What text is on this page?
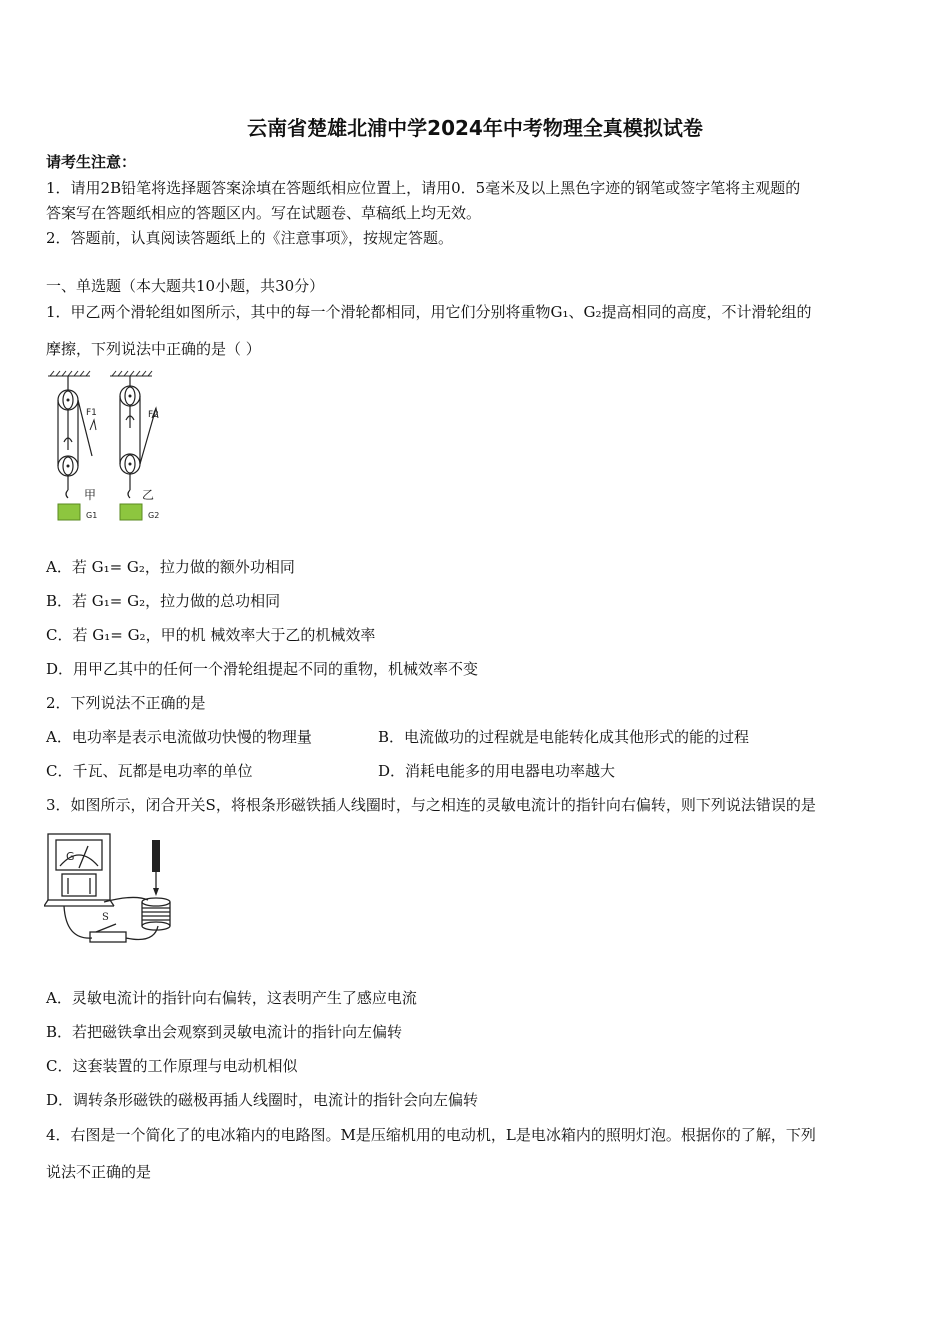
云南省楚雄北浦中学2024年中考物理全真模拟试卷
请考生注意：
1．请用2B铅笔将选择题答案涂填在答题纸相应位置上，请用0．5毫米及以上黑色字迹的钢笔或签字笔将主观题的
答案写在答题纸相应的答题区内。写在试题卷、草稿纸上均无效。
2．答题前，认真阅读答题纸上的《注意事项》，按规定答题。
一、单选题（本大题共10小题，共30分）
1．甲乙两个滑轮组如图所示，其中的每一个滑轮都相同，用它们分别将重物G₁、G₂提高相同的高度，不计滑轮组的
摩擦，下列说法中正确的是（ ）
F1	F2
甲	乙
G1	G2
A．若 G₁= G₂，拉力做的额外功相同
B．若 G₁= G₂，拉力做的总功相同
C．若 G₁= G₂，甲的机 械效率大于乙的机械效率
D．用甲乙其中的任何一个滑轮组提起不同的重物，机械效率不变
2．下列说法不正确的是
A．电功率是表示电流做功快慢的物理量	B．电流做功的过程就是电能转化成其他形式的能的过程
C．千瓦、瓦都是电功率的单位	D．消耗电能多的用电器电功率越大
3．如图所示，闭合开关S，将根条形磁铁插人线圈时，与之相连的灵敏电流计的指针向右偏转，则下列说法错误的是
G
S
A．灵敏电流计的指针向右偏转，这表明产生了感应电流
B．若把磁铁拿出会观察到灵敏电流计的指针向左偏转
C．这套装置的工作原理与电动机相似
D．调转条形磁铁的磁极再插人线圈时，电流计的指针会向左偏转
4．右图是一个简化了的电冰箱内的电路图。M是压缩机用的电动机，L是电冰箱内的照明灯泡。根据你的了解，下列
说法不正确的是
